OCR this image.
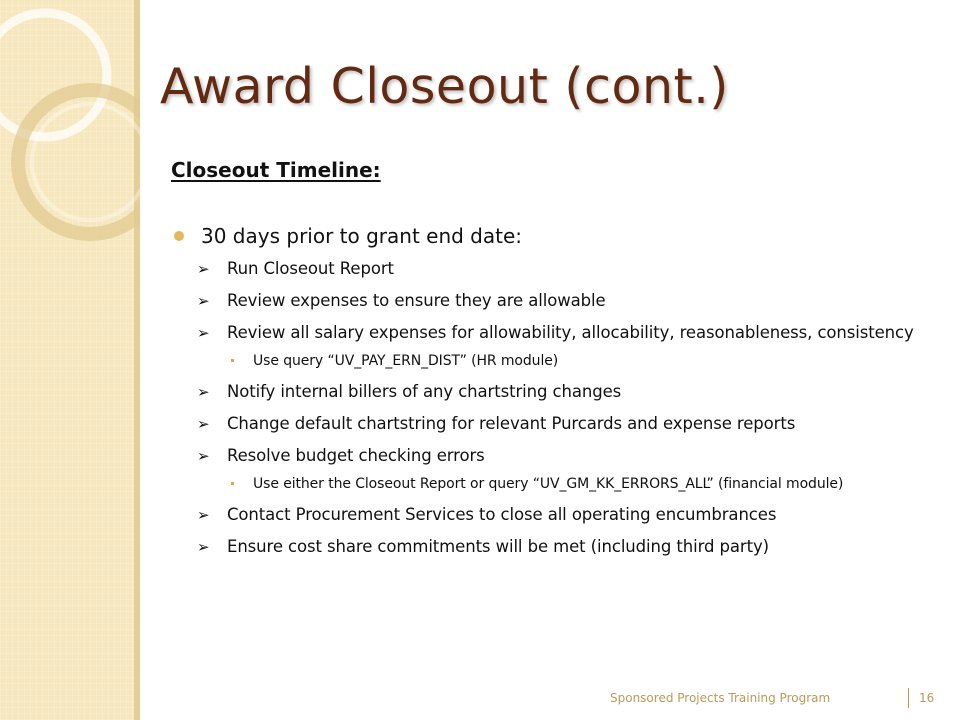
Award Closeout (cont.)
Closeout Timeline:
30 days prior to grant end date:
➢ Run Closeout Report
➢ Review expenses to ensure they are allowable
➢ Review all salary expenses for allowability, allocability, reasonableness, consistency
Use query “UV_PAY_ERN_DIST” (HR module)
➢ Notify internal billers of any chartstring changes
➢ Change default chartstring for relevant Purcards and expense reports
➢ Resolve budget checking errors
Use either the Closeout Report or query “UV_GM_KK_ERRORS_ALL” (financial module)
➢ Contact Procurement Services to close all operating encumbrances
➢ Ensure cost share commitments will be met (including third party)
Sponsored Projects Training Program	16
